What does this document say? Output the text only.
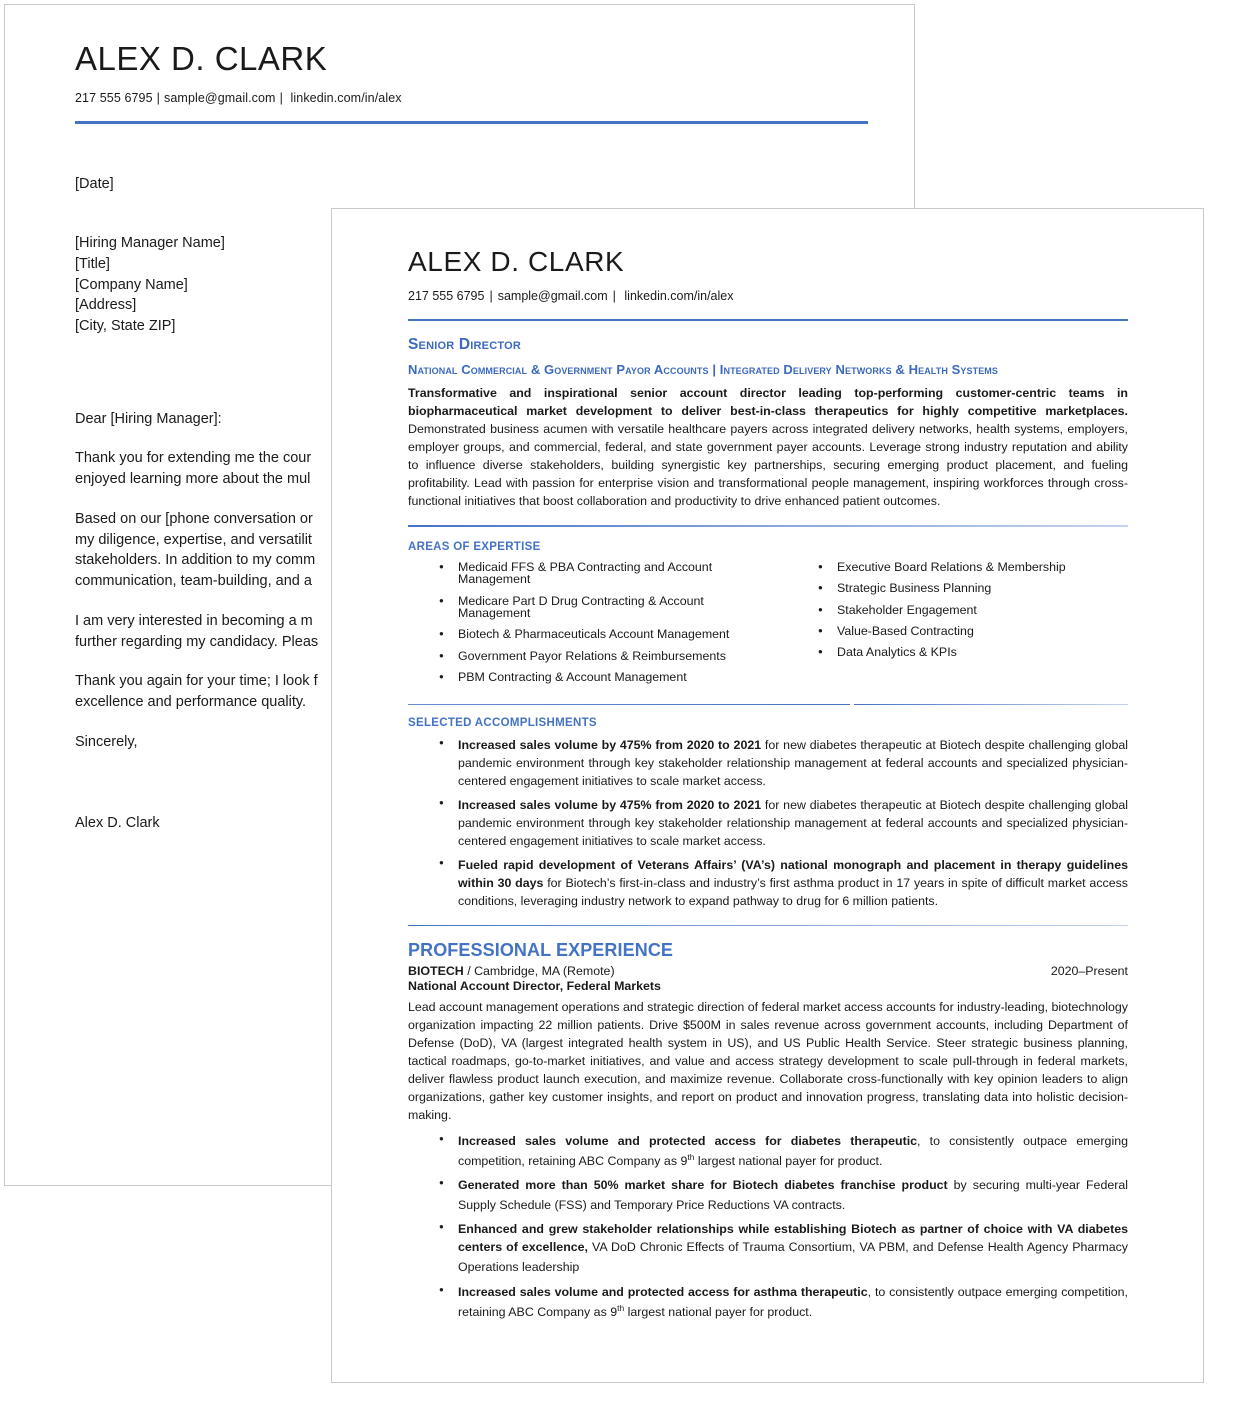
ALEX D. CLARK
217 555 6795 | sample@gmail.com | linkedin.com/in/alex

[Date]

[Hiring Manager Name]

[Title]

[Company Name]

[Address]

[City, State ZIP]

Dear [Hiring Manager]:

Thank you for extending me the cour

enjoyed learning more about the mul

Based on our [phone conversation or

my diligence, expertise, and versatilit

stakeholders. In addition to my comm

communication, team-building, and a

I am very interested in becoming a m

further regarding my candidacy. Pleas

Thank you again for your time; I look f

excellence and performance quality.

Sincerely,

Alex D. Clark

ALEX D. CLARK
217 555 6795 | sample@gmail.com | linkedin.com/in/alex
Senior Director
National Commercial & Government Payor Accounts | Integrated Delivery Networks & Health Systems

Transformative and inspirational senior account director leading top-performing customer-centric teams in biopharmaceutical market development to deliver best-in-class therapeutics for highly competitive marketplaces. Demonstrated business acumen with versatile healthcare payers across integrated delivery networks, health systems, employers, employer groups, and commercial, federal, and state government payer accounts. Leverage strong industry reputation and ability to influence diverse stakeholders, building synergistic key partnerships, securing emerging product placement, and fueling profitability. Lead with passion for enterprise vision and transformational people management, inspiring workforces through cross-functional initiatives that boost collaboration and productivity to drive enhanced patient outcomes.

AREAS OF EXPERTISE
● Medicaid FFS & PBA Contracting and Account Management
● Medicare Part D Drug Contracting & Account Management
● Biotech & Pharmaceuticals Account Management
● Government Payor Relations & Reimbursements
● PBM Contracting & Account Management
● Executive Board Relations & Membership
● Strategic Business Planning
● Stakeholder Engagement
● Value-Based Contracting
● Data Analytics & KPIs
SELECTED ACCOMPLISHMENTS
● Increased sales volume by 475% from 2020 to 2021 for new diabetes therapeutic at Biotech despite challenging global pandemic environment through key stakeholder relationship management at federal accounts and specialized physician-centered engagement initiatives to scale market access.
● Increased sales volume by 475% from 2020 to 2021 for new diabetes therapeutic at Biotech despite challenging global pandemic environment through key stakeholder relationship management at federal accounts and specialized physician-centered engagement initiatives to scale market access.
● Fueled rapid development of Veterans Affairs’ (VA’s) national monograph and placement in therapy guidelines within 30 days for Biotech’s first-in-class and industry’s first asthma product in 17 years in spite of difficult market access conditions, leveraging industry network to expand pathway to drug for 6 million patients.
PROFESSIONAL EXPERIENCE
BIOTECH / Cambridge, MA (Remote)	2020–Present
National Account Director, Federal Markets

Lead account management operations and strategic direction of federal market access accounts for industry-leading, biotechnology organization impacting 22 million patients. Drive $500M in sales revenue across government accounts, including Department of Defense (DoD), VA (largest integrated health system in US), and US Public Health Service. Steer strategic business planning, tactical roadmaps, go-to-market initiatives, and value and access strategy development to scale pull-through in federal markets, deliver flawless product launch execution, and maximize revenue. Collaborate cross-functionally with key opinion leaders to align organizations, gather key customer insights, and report on product and innovation progress, translating data into holistic decision-making.

● Increased sales volume and protected access for diabetes therapeutic, to consistently outpace emerging competition, retaining ABC Company as 9th largest national payer for product.
● Generated more than 50% market share for Biotech diabetes franchise product by securing multi-year Federal Supply Schedule (FSS) and Temporary Price Reductions VA contracts.
● Enhanced and grew stakeholder relationships while establishing Biotech as partner of choice with VA diabetes centers of excellence, VA DoD Chronic Effects of Trauma Consortium, VA PBM, and Defense Health Agency Pharmacy Operations leadership
● Increased sales volume and protected access for asthma therapeutic, to consistently outpace emerging competition, retaining ABC Company as 9th largest national payer for product.
